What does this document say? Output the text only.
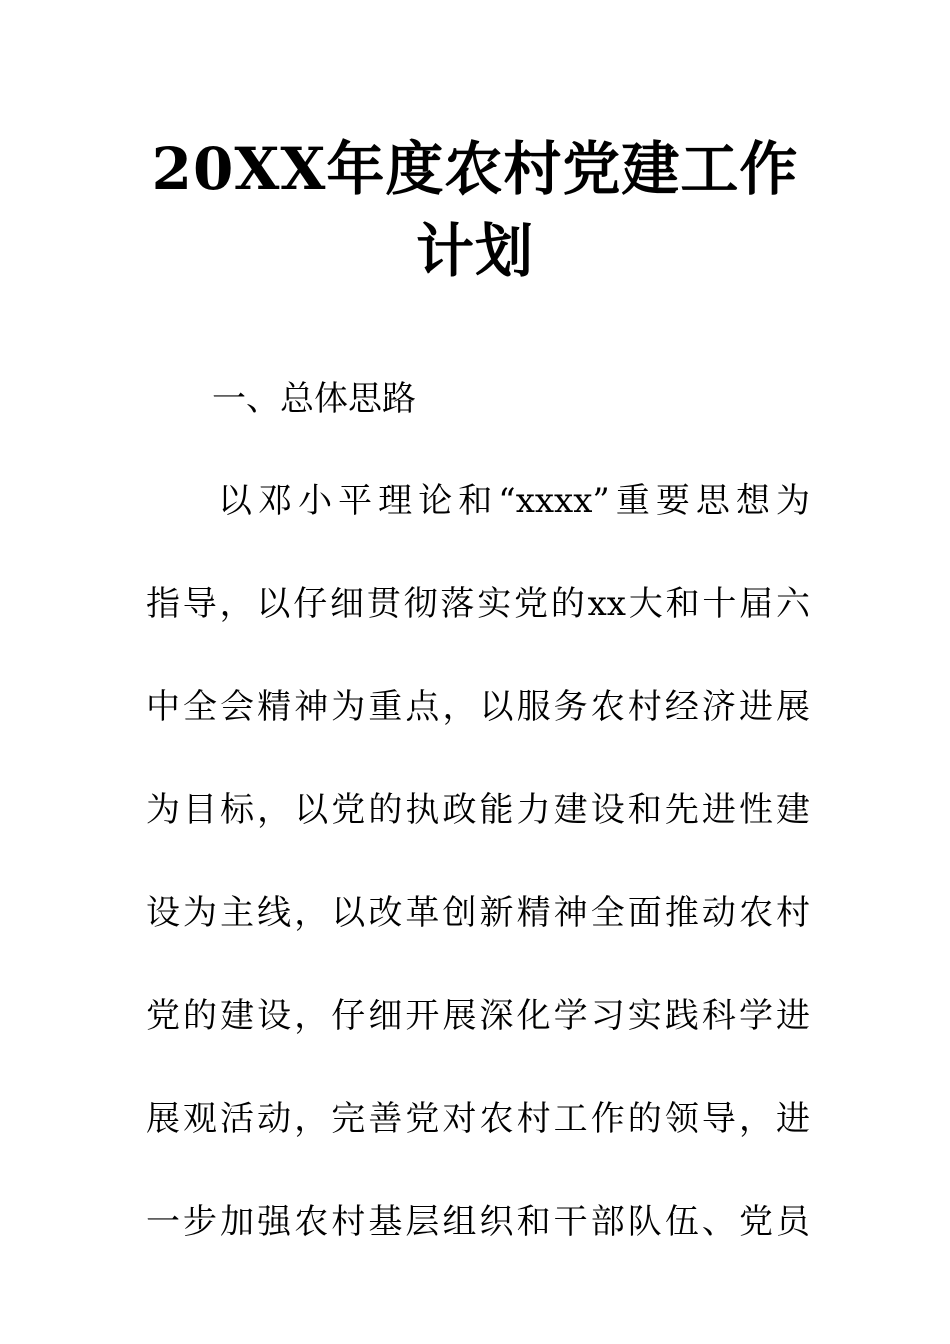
20XX年度农村党建工作计划
一、总体思路
以邓小平理论和“xxxx”重要思想为
指导，以仔细贯彻落实党的xx大和十届六
中全会精神为重点，以服务农村经济进展
为目标，以党的执政能力建设和先进性建
设为主线，以改革创新精神全面推动农村
党的建设，仔细开展深化学习实践科学进
展观活动，完善党对农村工作的领导，进
一步加强农村基层组织和干部队伍、党员
